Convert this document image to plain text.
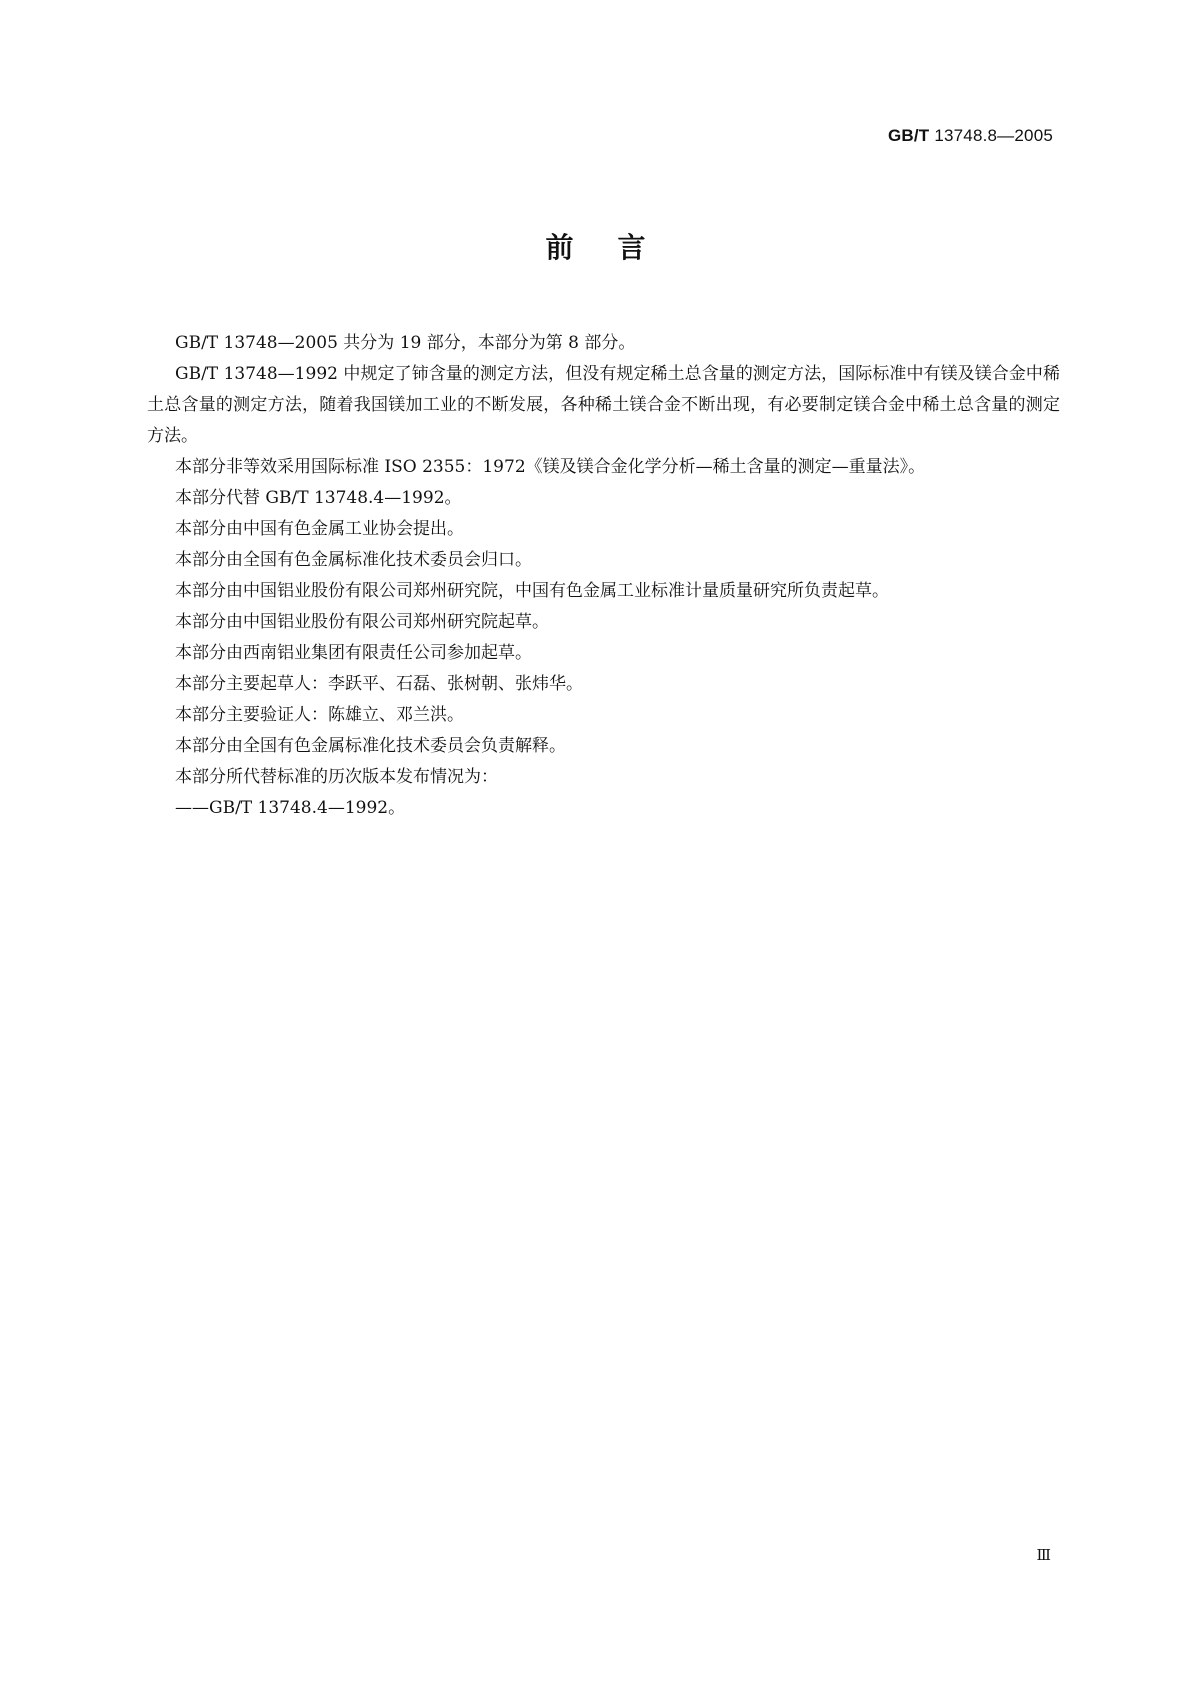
GB/T 13748.8—2005
前言

GB/T 13748—2005 共分为 19 部分，本部分为第 8 部分。

GB/T 13748—1992 中规定了铈含量的测定方法，但没有规定稀土总含量的测定方法，国际标准中有镁及镁合金中稀土总含量的测定方法，随着我国镁加工业的不断发展，各种稀土镁合金不断出现，有必要制定镁合金中稀土总含量的测定方法。

本部分非等效采用国际标准 ISO 2355：1972《镁及镁合金化学分析—稀土含量的测定—重量法》。

本部分代替 GB/T 13748.4—1992。

本部分由中国有色金属工业协会提出。

本部分由全国有色金属标准化技术委员会归口。

本部分由中国铝业股份有限公司郑州研究院，中国有色金属工业标准计量质量研究所负责起草。

本部分由中国铝业股份有限公司郑州研究院起草。

本部分由西南铝业集团有限责任公司参加起草。

本部分主要起草人：李跃平、石磊、张树朝、张炜华。

本部分主要验证人：陈雄立、邓兰洪。

本部分由全国有色金属标准化技术委员会负责解释。

本部分所代替标准的历次版本发布情况为：

——GB/T 13748.4—1992。

Ⅲ
